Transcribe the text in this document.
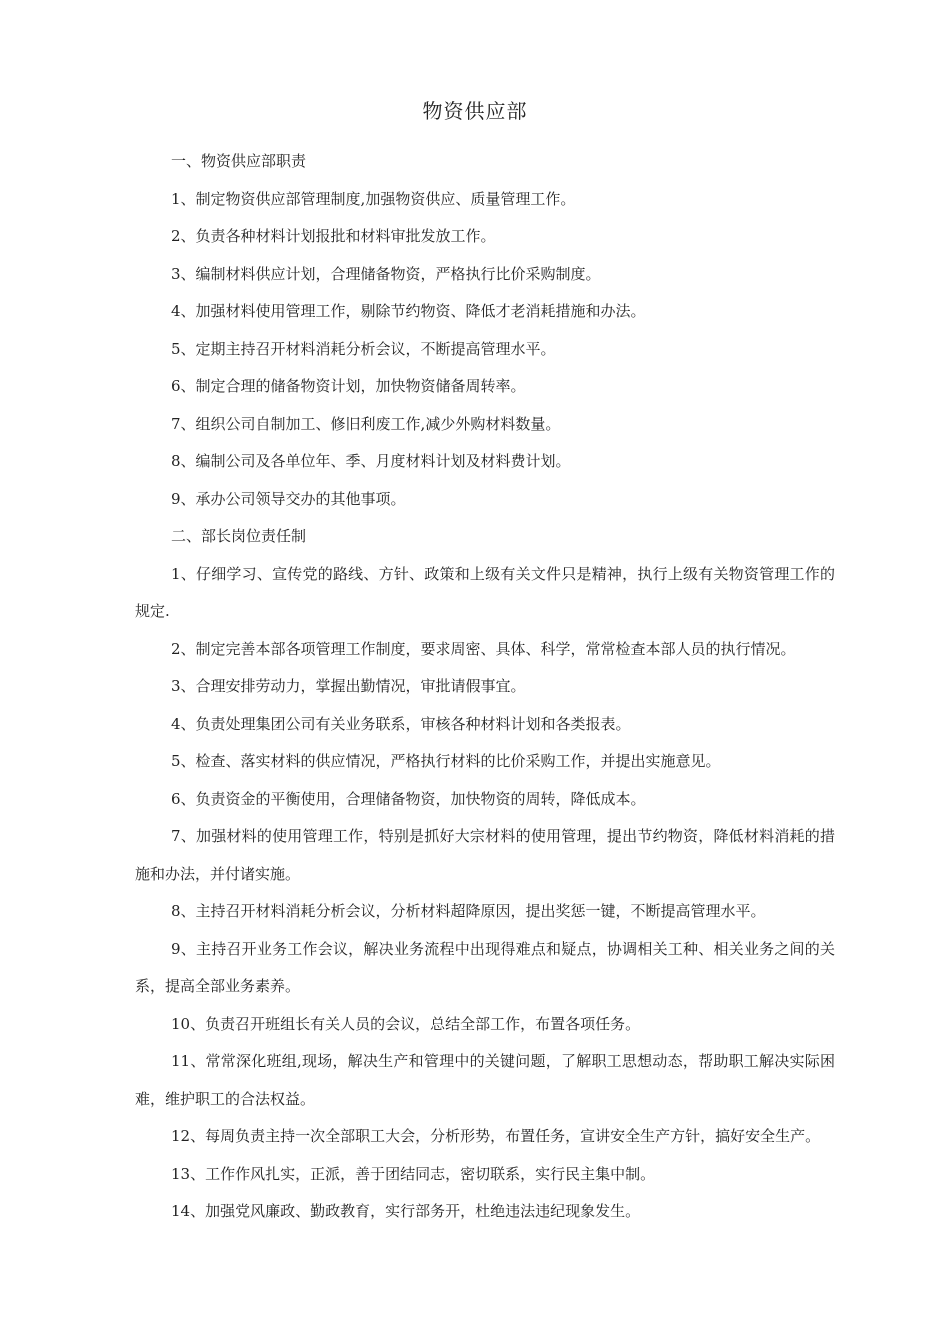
物资供应部

一、物资供应部职责

1、制定物资供应部管理制度,加强物资供应、质量管理工作。

2、负责各种材料计划报批和材料审批发放工作。

3、编制材料供应计划，合理储备物资，严格执行比价采购制度。

4、加强材料使用管理工作，剔除节约物资、降低才老消耗措施和办法。

5、定期主持召开材料消耗分析会议，不断提高管理水平。

6、制定合理的储备物资计划，加快物资储备周转率。

7、组织公司自制加工、修旧利废工作,减少外购材料数量。

8、编制公司及各单位年、季、月度材料计划及材料费计划。

9、承办公司领导交办的其他事项。

二、部长岗位责任制

1、仔细学习、宣传党的路线、方针、政策和上级有关文件只是精神，执行上级有关物资管理工作的规定.

2、制定完善本部各项管理工作制度，要求周密、具体、科学，常常检查本部人员的执行情况。

3、合理安排劳动力，掌握出勤情况，审批请假事宜。

4、负责处理集团公司有关业务联系，审核各种材料计划和各类报表。

5、检查、落实材料的供应情况，严格执行材料的比价采购工作，并提出实施意见。

6、负责资金的平衡使用，合理储备物资，加快物资的周转，降低成本。

7、加强材料的使用管理工作，特别是抓好大宗材料的使用管理，提出节约物资，降低材料消耗的措施和办法，并付诸实施。

8、主持召开材料消耗分析会议，分析材料超降原因，提出奖惩一键，不断提高管理水平。

9、主持召开业务工作会议，解决业务流程中出现得难点和疑点，协调相关工种、相关业务之间的关系，提高全部业务素养。

10、负责召开班组长有关人员的会议，总结全部工作，布置各项任务。

11、常常深化班组,现场，解决生产和管理中的关键问题，了解职工思想动态，帮助职工解决实际困难，维护职工的合法权益。

12、每周负责主持一次全部职工大会，分析形势，布置任务，宣讲安全生产方针，搞好安全生产。

13、工作作风扎实，正派，善于团结同志，密切联系，实行民主集中制。

14、加强党风廉政、勤政教育，实行部务开，杜绝违法违纪现象发生。
